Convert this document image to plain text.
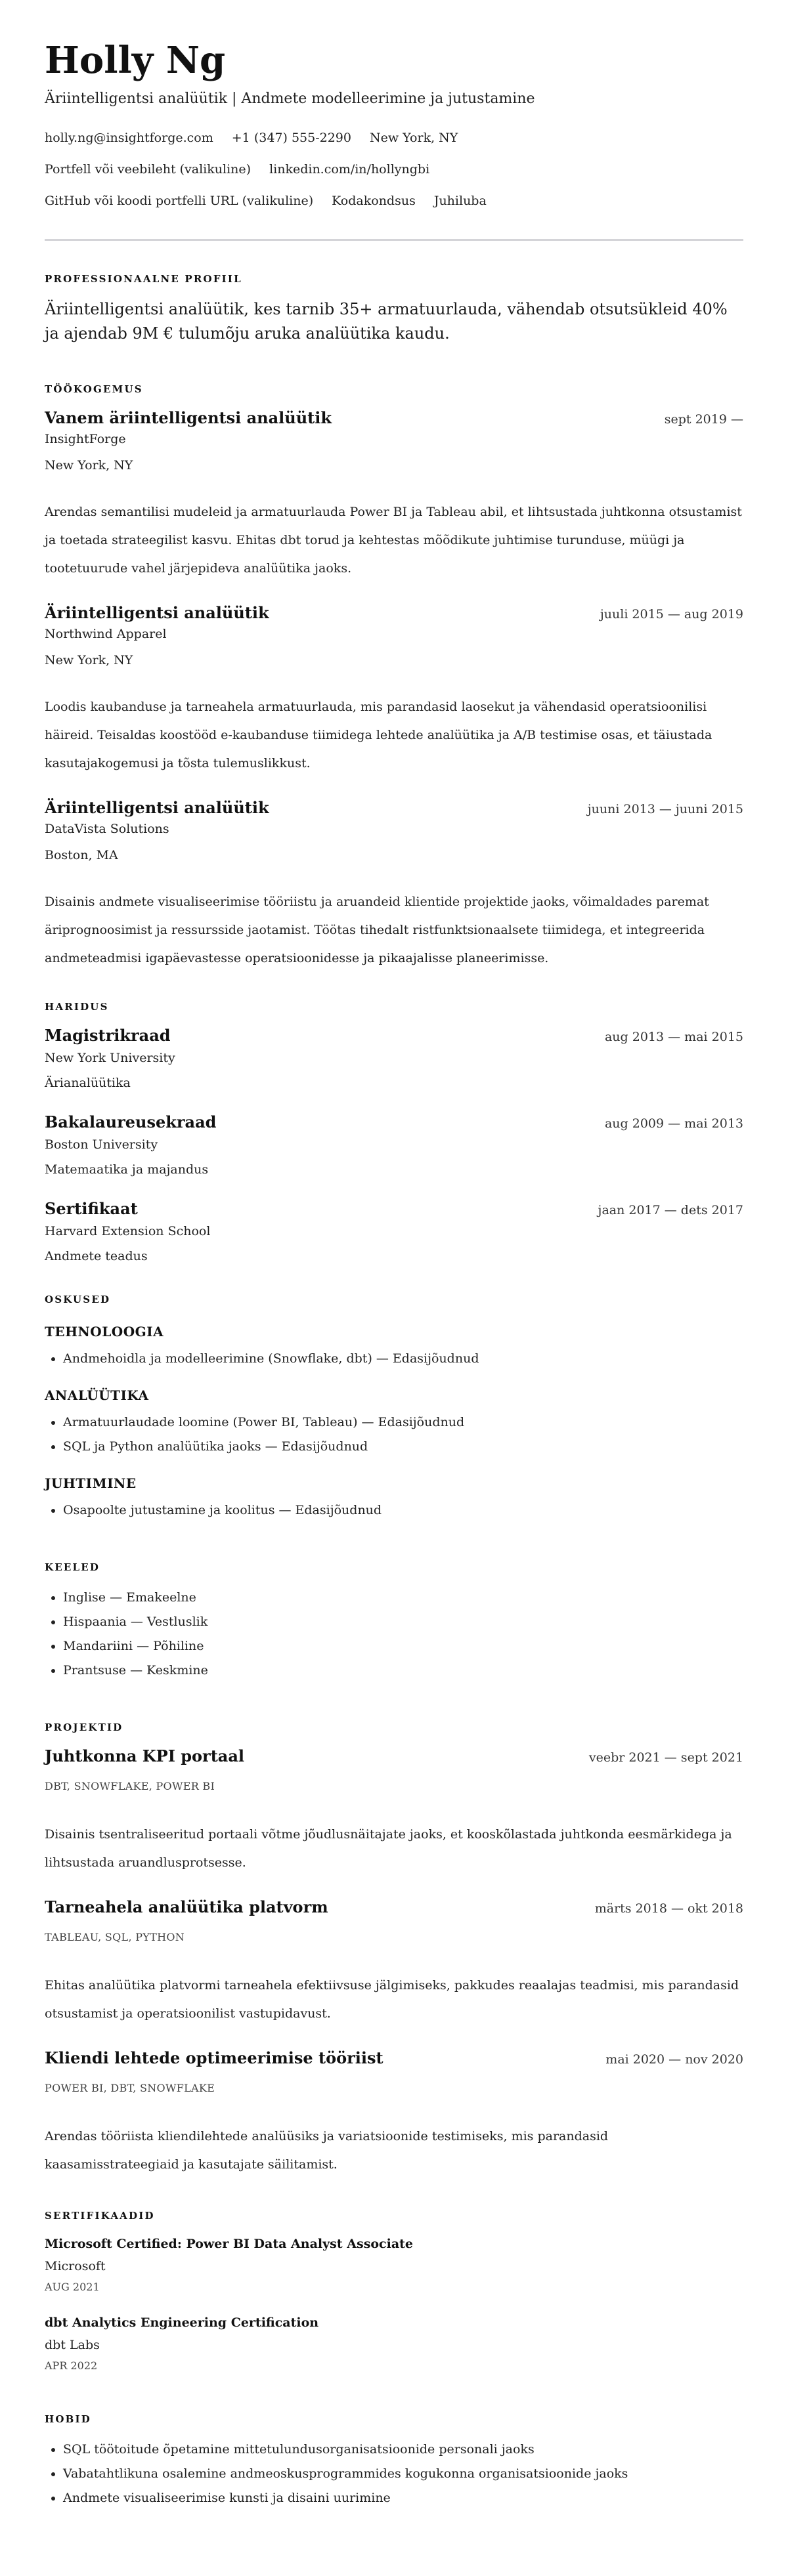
Holly Ng
Äriintelligentsi analüütik | Andmete modelleerimine ja jutustamine
holly.ng@insightforge.com +1 (347) 555-2290 New York, NY
Portfell või veebileht (valikuline) linkedin.com/in/hollyngbi
GitHub või koodi portfelli URL (valikuline) Kodakondsus Juhiluba
PROFESSIONAALNE PROFIIL

Äriintelligentsi analüütik, kes tarnib 35+ armatuurlauda, vähendab otsutsükleid 40% ja ajendab 9M € tulumõju aruka analüütika kaudu.

TÖÖKOGEMUS
Vanem äriintelligentsi analüütik	sept 2019 —

InsightForge

New York, NY

Arendas semantilisi mudeleid ja armatuurlauda Power BI ja Tableau abil, et lihtsustada juhtkonna otsustamist ja toetada strateegilist kasvu. Ehitas dbt torud ja kehtestas mõõdikute juhtimise turunduse, müügi ja tootetuurude vahel järjepideva analüütika jaoks.

Äriintelligentsi analüütik	juuli 2015 — aug 2019

Northwind Apparel

New York, NY

Loodis kaubanduse ja tarneahela armatuurlauda, mis parandasid laosekut ja vähendasid operatsioonilisi häireid. Teisaldas koostööd e-kaubanduse tiimidega lehtede analüütika ja A/B testimise osas, et täiustada kasutajakogemusi ja tõsta tulemuslikkust.

Äriintelligentsi analüütik	juuni 2013 — juuni 2015

DataVista Solutions

Boston, MA

Disainis andmete visualiseerimise tööriistu ja aruandeid klientide projektide jaoks, võimaldades paremat äriprognoosimist ja ressursside jaotamist. Töötas tihedalt ristfunktsionaalsete tiimidega, et integreerida andmeteadmisi igapäevastesse operatsioonidesse ja pikaajalisse planeerimisse.

HARIDUS
Magistrikraad	aug 2013 — mai 2015

New York University

Ärianalüütika

Bakalaureusekraad	aug 2009 — mai 2013

Boston University

Matemaatika ja majandus

Sertifikaat	jaan 2017 — dets 2017

Harvard Extension School

Andmete teadus

OSKUSED
TEHNOLOOGIA
• Andmehoidla ja modelleerimine (Snowflake, dbt) — Edasijõudnud
ANALÜÜTIKA
• Armatuurlaudade loomine (Power BI, Tableau) — Edasijõudnud
• SQL ja Python analüütika jaoks — Edasijõudnud
JUHTIMINE
• Osapoolte jutustamine ja koolitus — Edasijõudnud
KEELED
• Inglise — Emakeelne
• Hispaania — Vestluslik
• Mandariini — Põhiline
• Prantsuse — Keskmine
PROJEKTID
Juhtkonna KPI portaal	veebr 2021 — sept 2021

DBT, SNOWFLAKE, POWER BI

Disainis tsentraliseeritud portaali võtme jõudlusnäitajate jaoks, et kooskõlastada juhtkonda eesmärkidega ja lihtsustada aruandlusprotsesse.

Tarneahela analüütika platvorm	märts 2018 — okt 2018

TABLEAU, SQL, PYTHON

Ehitas analüütika platvormi tarneahela efektiivsuse jälgimiseks, pakkudes reaalajas teadmisi, mis parandasid otsustamist ja operatsioonilist vastupidavust.

Kliendi lehtede optimeerimise tööriist	mai 2020 — nov 2020

POWER BI, DBT, SNOWFLAKE

Arendas tööriista kliendilehtede analüüsiks ja variatsioonide testimiseks, mis parandasid kaasamisstrateegiaid ja kasutajate säilitamist.

SERTIFIKAADID
Microsoft Certified: Power BI Data Analyst Associate
Microsoft
AUG 2021
dbt Analytics Engineering Certification
dbt Labs
APR 2022
HOBID
• SQL töötoitude õpetamine mittetulundusorganisatsioonide personali jaoks
• Vabatahtlikuna osalemine andmeoskusprogrammides kogukonna organisatsioonide jaoks
• Andmete visualiseerimise kunsti ja disaini uurimine
